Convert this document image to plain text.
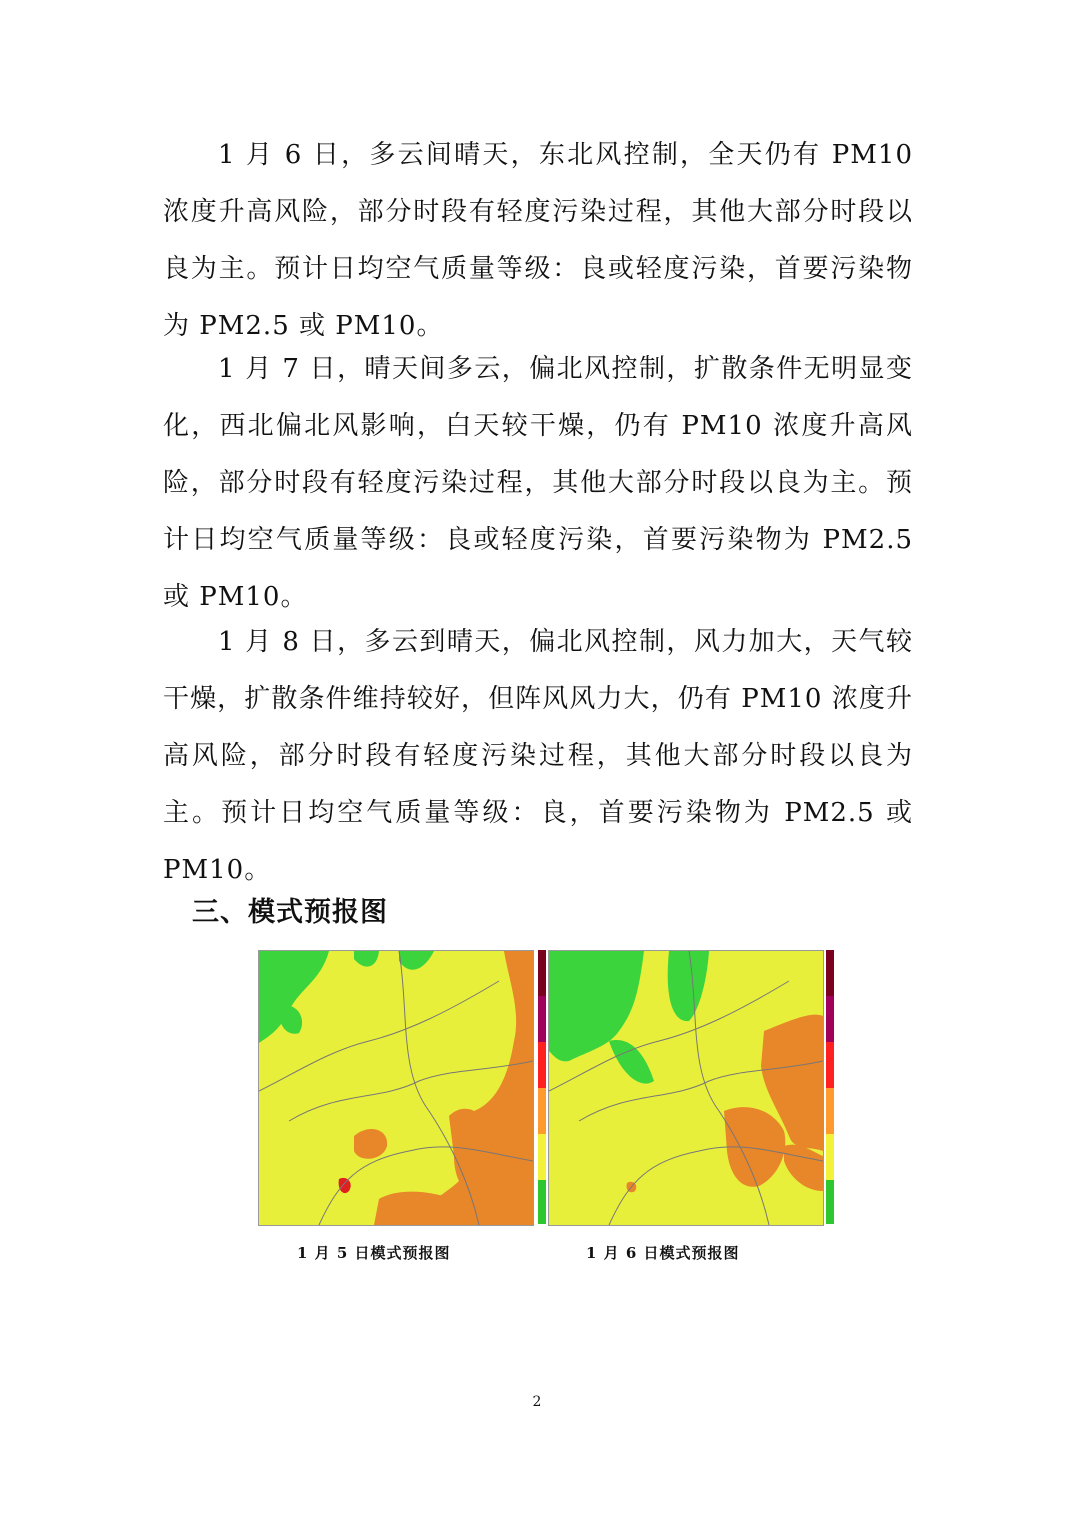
1 月 6 日，多云间晴天，东北风控制，全天仍有 PM10 浓度升高风险，部分时段有轻度污染过程，其他大部分时段以良为主。预计日均空气质量等级：良或轻度污染，首要污染物为 PM2.5 或 PM10。

1 月 7 日，晴天间多云，偏北风控制，扩散条件无明显变化，西北偏北风影响，白天较干燥，仍有 PM10 浓度升高风险，部分时段有轻度污染过程，其他大部分时段以良为主。预计日均空气质量等级：良或轻度污染，首要污染物为 PM2.5 或 PM10。

1 月 8 日，多云到晴天，偏北风控制，风力加大，天气较干燥，扩散条件维持较好，但阵风风力大，仍有 PM10 浓度升高风险，部分时段有轻度污染过程，其他大部分时段以良为主。预计日均空气质量等级：良，首要污染物为 PM2.5 或 PM10。

三、模式预报图
1 月 5 日模式预报图	1 月 6 日模式预报图
2
